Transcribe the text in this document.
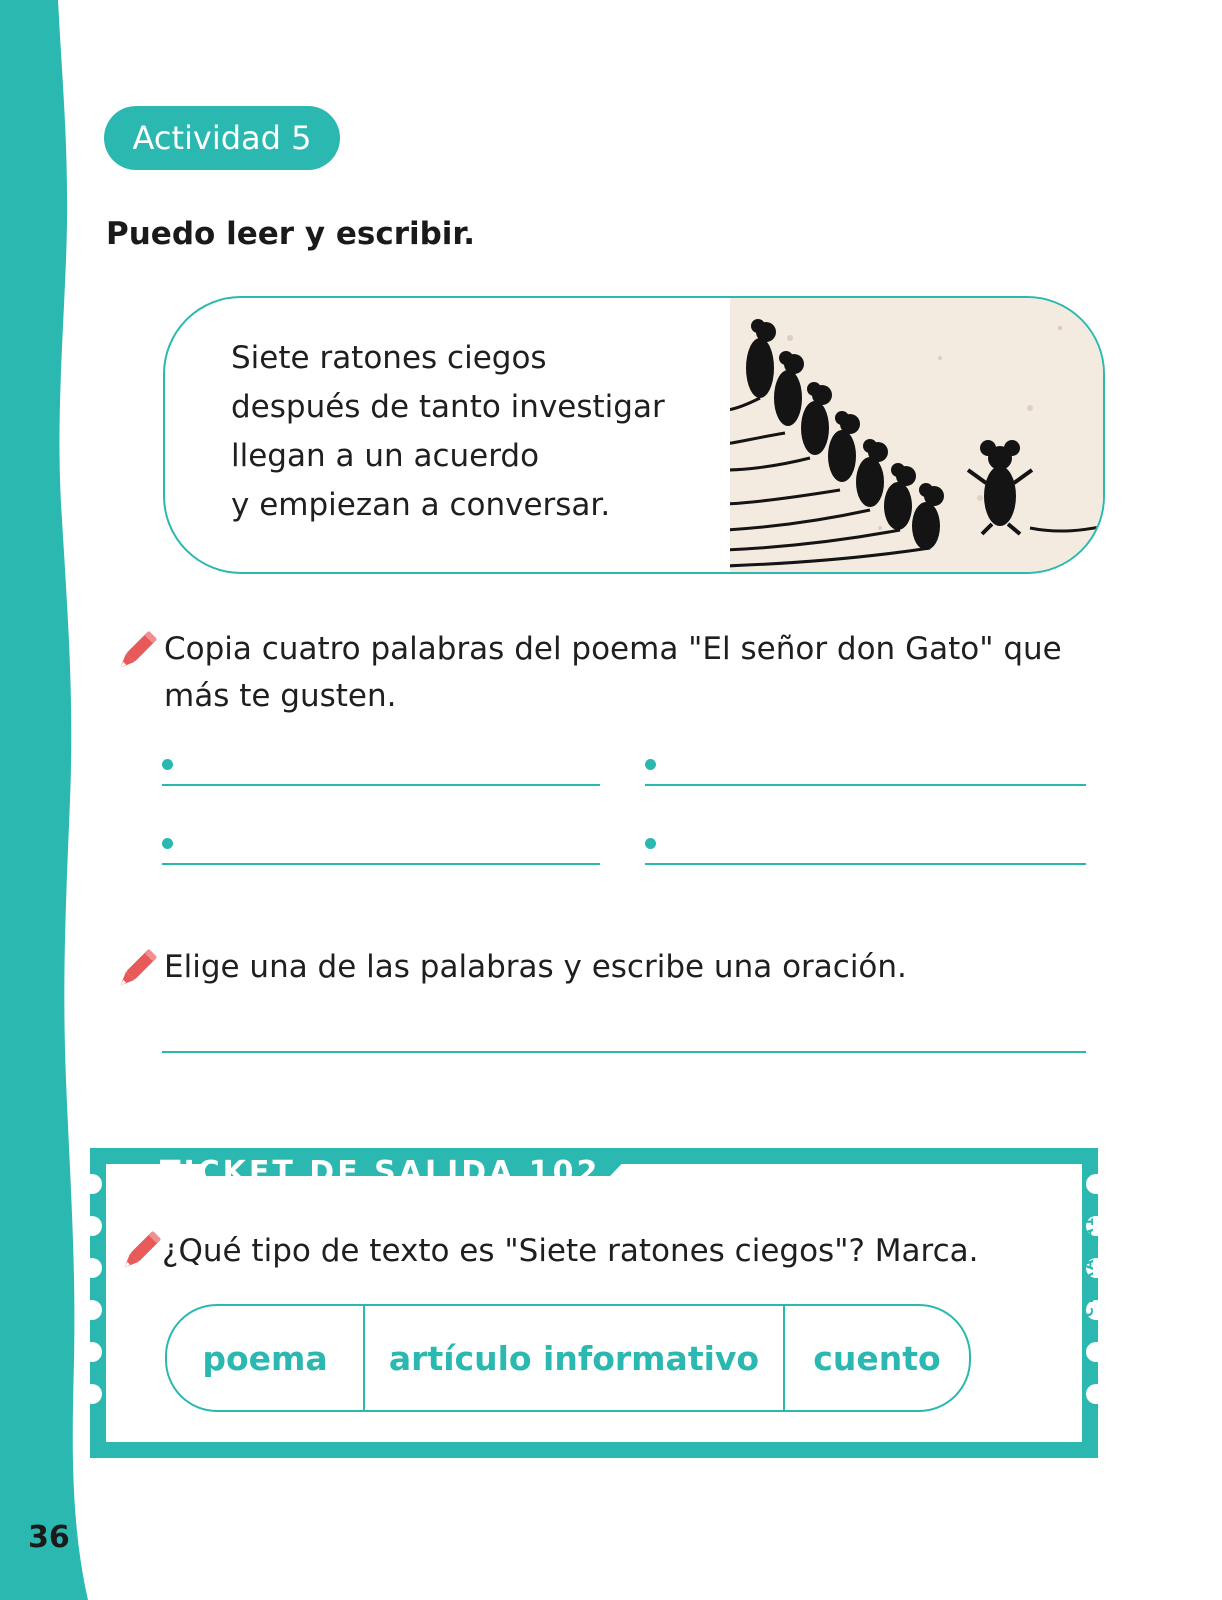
36
Actividad 5
Puedo leer y escribir.
Siete ratones ciegos
después de tanto investigar
llegan a un acuerdo
y empiezan a conversar.
Copia cuatro palabras del poema "El señor don Gato" que
más te gusten.
Elige una de las palabras y escribe una oración.
TICKET DE SALIDA 102
¿Qué tipo de texto es "Siete ratones ciegos"? Marca.
poema	artículo informativo	cuento
LECTURA OA1
